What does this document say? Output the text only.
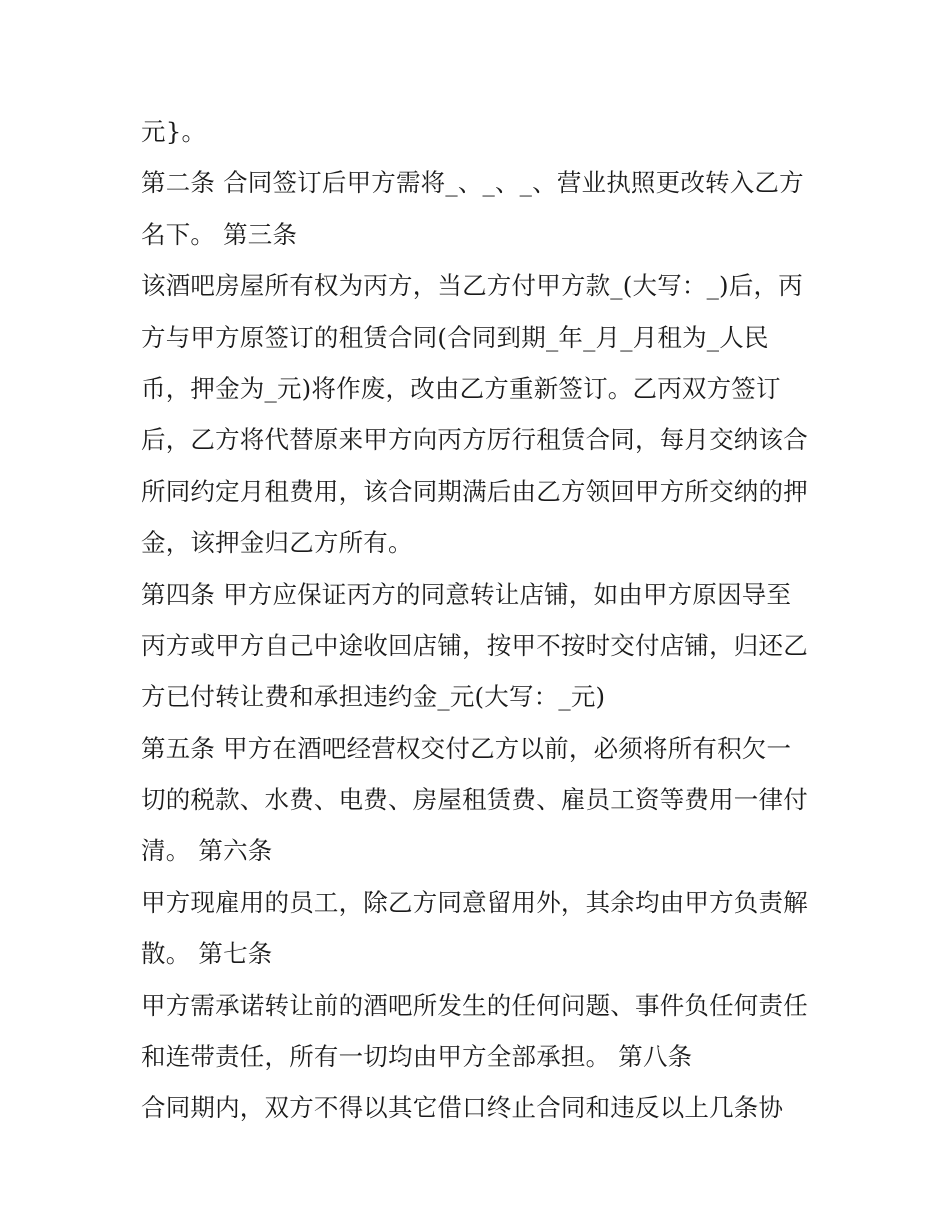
元}。
第二条 合同签订后甲方需将_、_、_、营业执照更改转入乙方
名下。 第三条
该酒吧房屋所有权为丙方，当乙方付甲方款_(大写：_)后，丙
方与甲方原签订的租赁合同(合同到期_年_月_月租为_人民
币，押金为_元)将作废，改由乙方重新签订。乙丙双方签订
后，乙方将代替原来甲方向丙方厉行租赁合同，每月交纳该合
所同约定月租费用，该合同期满后由乙方领回甲方所交纳的押
金，该押金归乙方所有。
第四条 甲方应保证丙方的同意转让店铺，如由甲方原因导至
丙方或甲方自己中途收回店铺，按甲不按时交付店铺，归还乙
方已付转让费和承担违约金_元(大写：_元)
第五条 甲方在酒吧经营权交付乙方以前，必须将所有积欠一
切的税款、水费、电费、房屋租赁费、雇员工资等费用一律付
清。 第六条
甲方现雇用的员工，除乙方同意留用外，其余均由甲方负责解
散。 第七条
甲方需承诺转让前的酒吧所发生的任何问题、事件负任何责任
和连带责任，所有一切均由甲方全部承担。 第八条
合同期内，双方不得以其它借口终止合同和违反以上几条协
